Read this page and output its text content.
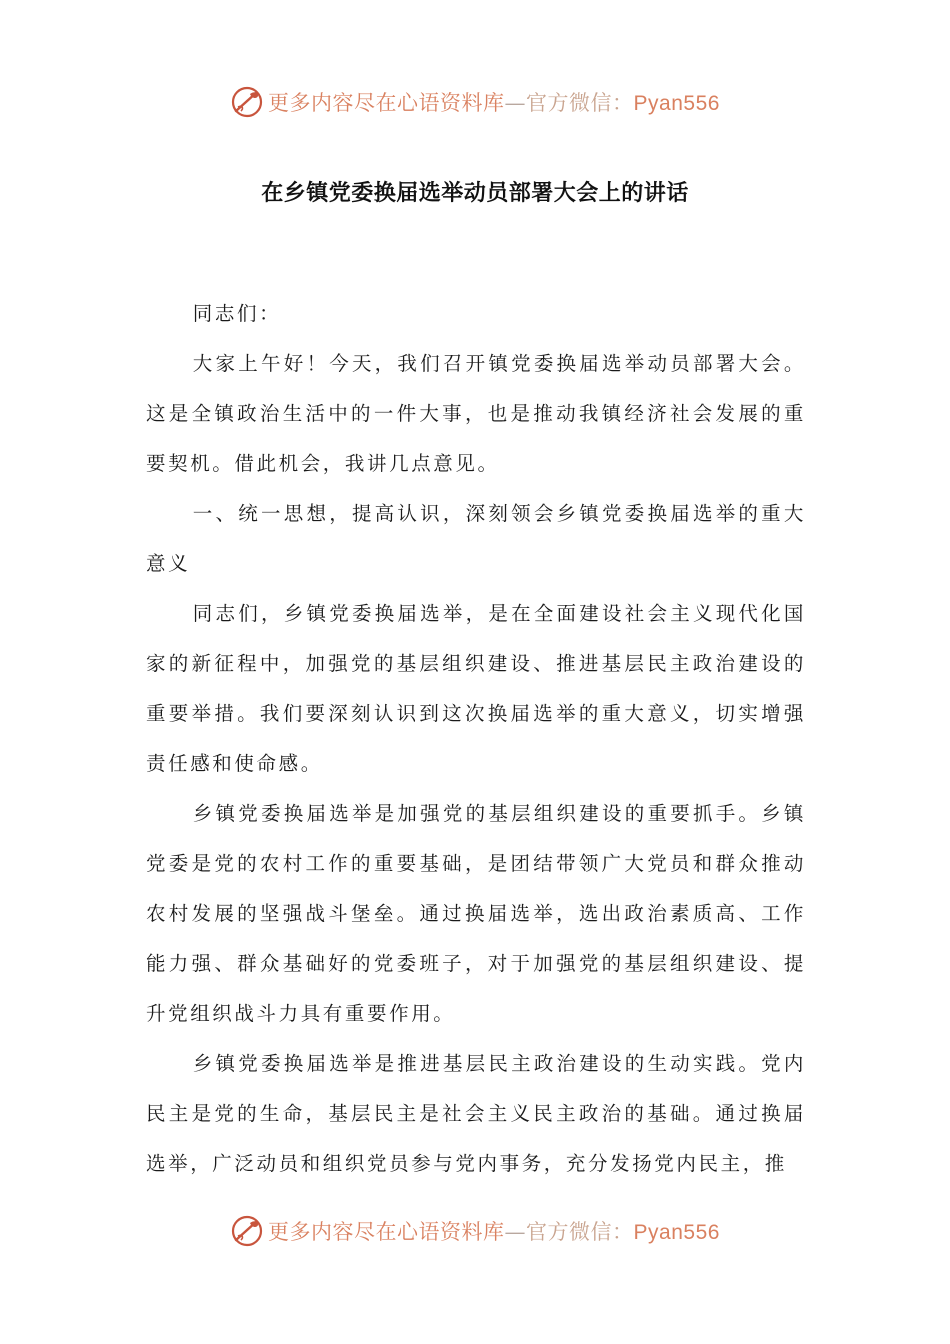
更多内容尽在心语资料库—官方微信：Pyan556
在乡镇党委换届选举动员部署大会上的讲话

同志们：

大家上午好！今天，我们召开镇党委换届选举动员部署大会。这是全镇政治生活中的一件大事，也是推动我镇经济社会发展的重要契机。借此机会，我讲几点意见。

一、统一思想，提高认识，深刻领会乡镇党委换届选举的重大意义

同志们，乡镇党委换届选举，是在全面建设社会主义现代化国家的新征程中，加强党的基层组织建设、推进基层民主政治建设的重要举措。我们要深刻认识到这次换届选举的重大意义，切实增强责任感和使命感。

乡镇党委换届选举是加强党的基层组织建设的重要抓手。乡镇党委是党的农村工作的重要基础，是团结带领广大党员和群众推动农村发展的坚强战斗堡垒。通过换届选举，选出政治素质高、工作能力强、群众基础好的党委班子，对于加强党的基层组织建设、提升党组织战斗力具有重要作用。

乡镇党委换届选举是推进基层民主政治建设的生动实践。党内民主是党的生命，基层民主是社会主义民主政治的基础。通过换届选举，广泛动员和组织党员参与党内事务，充分发扬党内民主，推

更多内容尽在心语资料库—官方微信：Pyan556
